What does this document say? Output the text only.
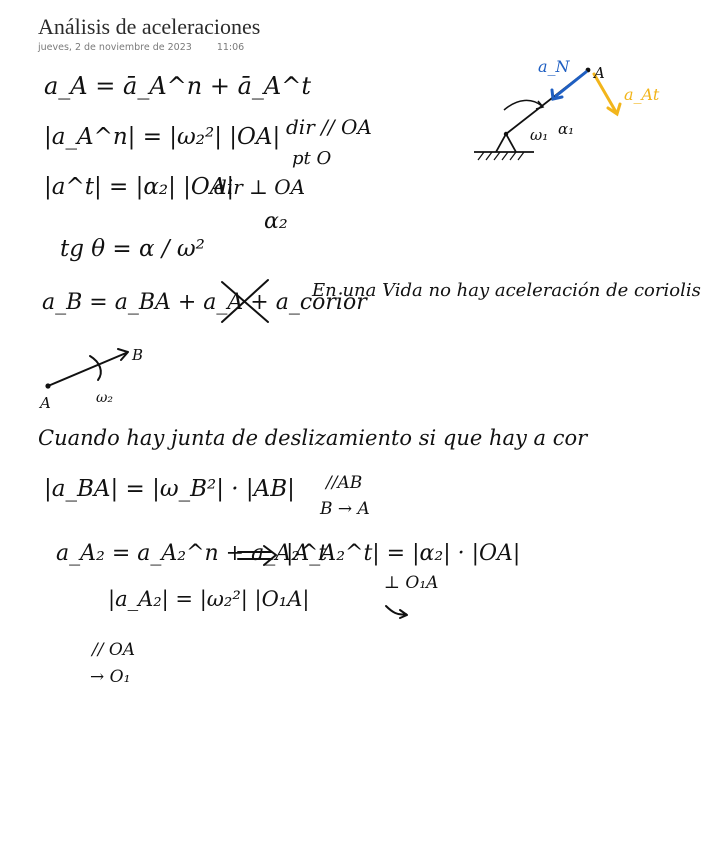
Análisis de aceleraciones
jueves, 2 de noviembre de 2023	11:06
a_A = ā_A^n + ā_A^t
|a_A^n| = |ω₂²| |OA| dir // OA
pt O
|a^t| = |α₂| |OA|
dir ⊥ OA
α₂
tg θ = α / ω²
a_B = a_BA + a_A + a_corior
En una Vida no hay aceleración de coriolis
A
B
ω₂
Cuando hay junta de deslizamiento si que hay a cor
|a_BA| = |ω_B²| · |AB| //AB
B → A
a_A₂ = a_A₂^n + a_A₂^t
|A_A₂^t| = |α₂| · |OA|
⊥ O₁A
|a_A₂| = |ω₂²| |O₁A|
// OA
→ O₁
a_N A
a_At
ω₁ α₁
